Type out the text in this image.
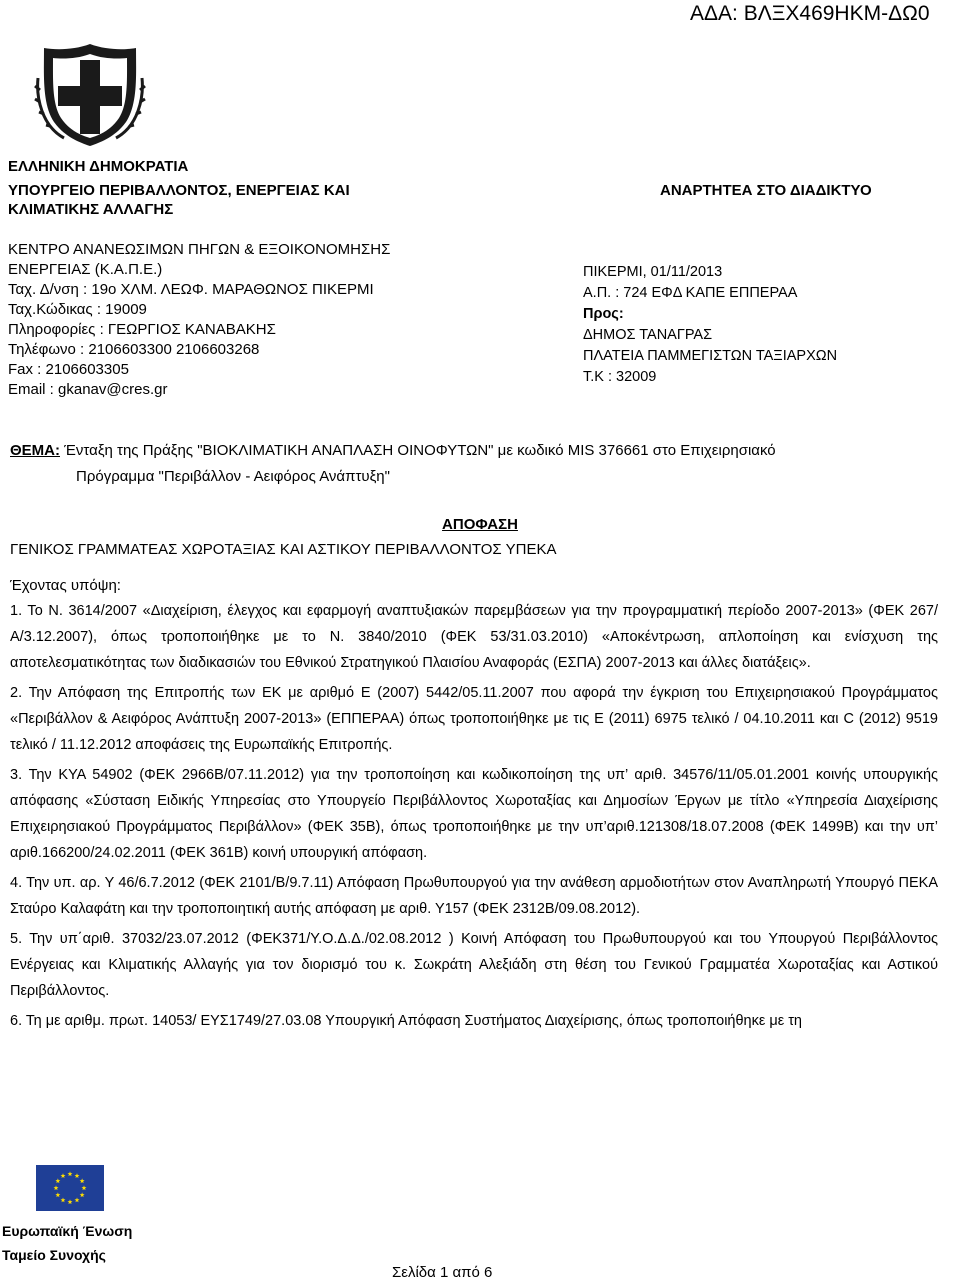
ΑΔΑ: ΒΛΞΧ469ΗΚΜ-ΔΩ0
ΕΛΛΗΝΙΚΗ ΔΗΜΟΚΡΑΤΙΑ
ΥΠΟΥΡΓΕΙΟ ΠΕΡΙΒΑΛΛΟΝΤΟΣ, ΕΝΕΡΓΕΙΑΣ ΚΑΙ
ΚΛΙΜΑΤΙΚΗΣ ΑΛΛΑΓΗΣ
ΑΝΑΡΤΗΤΕΑ ΣΤΟ ΔΙΑΔΙΚΤΥΟ
ΚΕΝΤΡΟ ΑΝΑΝΕΩΣΙΜΩΝ ΠΗΓΩΝ & ΕΞΟΙΚΟΝΟΜΗΣΗΣ
ΕΝΕΡΓΕΙΑΣ (Κ.Α.Π.Ε.)
Ταχ. Δ/νση : 19ο ΧΛΜ. ΛΕΩΦ. ΜΑΡΑΘΩΝΟΣ ΠΙΚΕΡΜΙ
Ταχ.Κώδικας : 19009
Πληροφορίες : ΓΕΩΡΓΙΟΣ ΚΑΝΑΒΑΚΗΣ
Τηλέφωνο : 2106603300 2106603268
Fax : 2106603305
Email : gkanav@cres.gr
ΠΙΚΕΡΜΙ, 01/11/2013
Α.Π. : 724 ΕΦΔ ΚΑΠΕ ΕΠΠΕΡΑΑ
Προς:
ΔΗΜΟΣ ΤΑΝΑΓΡΑΣ
ΠΛΑΤΕΙΑ ΠΑΜΜΕΓΙΣΤΩΝ ΤΑΞΙΑΡΧΩΝ
Τ.Κ : 32009
ΘΕΜΑ: Ένταξη της Πράξης "ΒΙΟΚΛΙΜΑΤΙΚΗ ΑΝΑΠΛΑΣΗ ΟΙΝΟΦΥΤΩΝ" με κωδικό MIS 376661 στο Επιχειρησιακό
Πρόγραμμα "Περιβάλλον - Αειφόρος Ανάπτυξη"
ΑΠΟΦΑΣΗ
ΓΕΝΙΚΟΣ ΓΡΑΜΜΑΤΕΑΣ ΧΩΡΟΤΑΞΙΑΣ ΚΑΙ ΑΣΤΙΚΟΥ ΠΕΡΙΒΑΛΛΟΝΤΟΣ ΥΠΕΚΑ
Έχοντας υπόψη:

1. Το Ν. 3614/2007 «Διαχείριση, έλεγχος και εφαρμογή αναπτυξιακών παρεμβάσεων για την προγραμματική περίοδο 2007-2013» (ΦΕΚ 267/Α/3.12.2007), όπως τροποποιήθηκε με το Ν. 3840/2010 (ΦΕΚ 53/31.03.2010) «Αποκέντρωση, απλοποίηση και ενίσχυση της αποτελεσματικότητας των διαδικασιών του Εθνικού Στρατηγικού Πλαισίου Αναφοράς (ΕΣΠΑ) 2007-2013 και άλλες διατάξεις».

2. Την Απόφαση της Επιτροπής των ΕΚ με αριθμό Ε (2007) 5442/05.11.2007 που αφορά την έγκριση του Επιχειρησιακού Προγράμματος «Περιβάλλον & Αειφόρος Ανάπτυξη 2007-2013» (ΕΠΠΕΡΑΑ) όπως τροποποιήθηκε με τις Ε (2011) 6975 τελικό / 04.10.2011 και C (2012) 9519 τελικό / 11.12.2012 αποφάσεις της Ευρωπαϊκής Επιτροπής.

3. Την ΚΥΑ 54902 (ΦΕΚ 2966Β/07.11.2012) για την τροποποίηση και κωδικοποίηση της υπ’ αριθ. 34576/11/05.01.2001 κοινής υπουργικής απόφασης «Σύσταση Ειδικής Υπηρεσίας στο Υπουργείο Περιβάλλοντος Χωροταξίας και Δημοσίων Έργων με τίτλο «Υπηρεσία Διαχείρισης Επιχειρησιακού Προγράμματος Περιβάλλον» (ΦΕΚ 35Β), όπως τροποποιήθηκε με την υπ’αριθ.121308/18.07.2008 (ΦΕΚ 1499Β) και την υπ’ αριθ.166200/24.02.2011 (ΦΕΚ 361Β) κοινή υπουργική απόφαση.

4. Την υπ. αρ. Υ 46/6.7.2012 (ΦΕΚ 2101/Β/9.7.11) Απόφαση Πρωθυπουργού για την ανάθεση αρμοδιοτήτων στον Αναπληρωτή Υπουργό ΠΕΚΑ Σταύρο Καλαφάτη και την τροποποιητική αυτής απόφαση με αριθ. Υ157 (ΦΕΚ 2312Β/09.08.2012).

5. Την υπ΄αριθ. 37032/23.07.2012 (ΦΕΚ371/Υ.Ο.Δ.Δ./02.08.2012 ) Κοινή Απόφαση του Πρωθυπουργού και του Υπουργού Περιβάλλοντος Ενέργειας και Κλιματικής Αλλαγής για τον διορισμό του κ. Σωκράτη Αλεξιάδη στη θέση του Γενικού Γραμματέα Χωροταξίας και Αστικού Περιβάλλοντος.

6. Τη με αριθμ. πρωτ. 14053/ ΕΥΣ1749/27.03.08 Υπουργική Απόφαση Συστήματος Διαχείρισης, όπως τροποποιήθηκε με τη

Ευρωπαϊκή Ένωση
Ταμείο Συνοχής
Σελίδα 1 από 6
